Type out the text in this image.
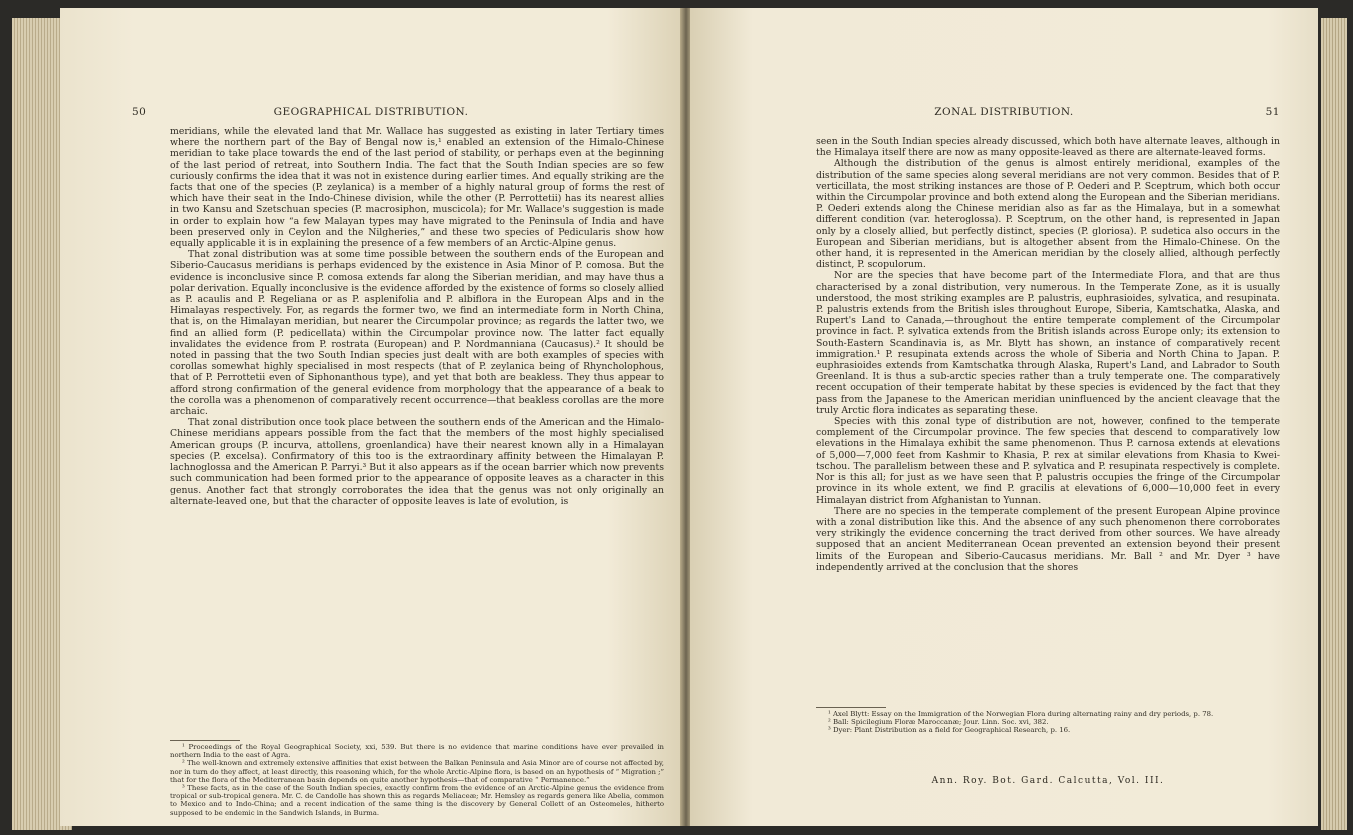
50	GEOGRAPHICAL DISTRIBUTION.

meridians, while the elevated land that Mr. Wallace has suggested as existing in later Tertiary times where the northern part of the Bay of Bengal now is,¹ enabled an extension of the Himalo-Chinese meridian to take place towards the end of the last period of stability, or perhaps even at the beginning of the last period of retreat, into Southern India. The fact that the South Indian species are so few curiously confirms the idea that it was not in existence during earlier times. And equally striking are the facts that one of the species (P. zeylanica) is a member of a highly natural group of forms the rest of which have their seat in the Indo-Chinese division, while the other (P. Perrottetii) has its nearest allies in two Kansu and Szetschuan species (P. macrosiphon, muscicola); for Mr. Wallace's suggestion is made in order to explain how “a few Malayan types may have migrated to the Peninsula of India and have been preserved only in Ceylon and the Nilgheries,” and these two species of Pedicularis show how equally applicable it is in explaining the presence of a few members of an Arctic-Alpine genus.

That zonal distribution was at some time possible between the southern ends of the European and Siberio-Caucasus meridians is perhaps evidenced by the existence in Asia Minor of P. comosa. But the evidence is inconclusive since P. comosa extends far along the Siberian meridian, and may have thus a polar derivation. Equally inconclusive is the evidence afforded by the existence of forms so closely allied as P. acaulis and P. Regeliana or as P. asplenifolia and P. albiflora in the European Alps and in the Himalayas respectively. For, as regards the former two, we find an intermediate form in North China, that is, on the Himalayan meridian, but nearer the Circumpolar province; as regards the latter two, we find an allied form (P. pedicellata) within the Circumpolar province now. The latter fact equally invalidates the evidence from P. rostrata (European) and P. Nordmanniana (Caucasus).² It should be noted in passing that the two South Indian species just dealt with are both examples of species with corollas somewhat highly specialised in most respects (that of P. zeylanica being of Rhyncholophous, that of P. Perrottetii even of Siphonanthous type), and yet that both are beakless. They thus appear to afford strong confirmation of the general evidence from morphology that the appearance of a beak to the corolla was a phenomenon of comparatively recent occurrence—that beakless corollas are the more archaic.

That zonal distribution once took place between the southern ends of the American and the Himalo-Chinese meridians appears possible from the fact that the members of the most highly specialised American groups (P. incurva, attollens, groenlandica) have their nearest known ally in a Himalayan species (P. excelsa). Confirmatory of this too is the extraordinary affinity between the Himalayan P. lachnoglossa and the American P. Parryi.³ But it also appears as if the ocean barrier which now prevents such communication had been formed prior to the appearance of opposite leaves as a character in this genus. Another fact that strongly corroborates the idea that the genus was not only originally an alternate-leaved one, but that the character of opposite leaves is late of evolution, is

¹ Proceedings of the Royal Geographical Society, xxi, 539. But there is no evidence that marine conditions have ever prevailed in northern India to the east of Agra.

² The well-known and extremely extensive affinities that exist between the Balkan Peninsula and Asia Minor are of course not affected by, nor in turn do they affect, at least directly, this reasoning which, for the whole Arctic-Alpine flora, is based on an hypothesis of “ Migration ;” that for the flora of the Mediterranean basin depends on quite another hypothesis—that of comparative “ Permanence.”

³ These facts, as in the case of the South Indian species, exactly confirm from the evidence of an Arctic-Alpine genus the evidence from tropical or sub-tropical genera. Mr. C. de Candolle has shown this as regards Meliaceæ; Mr. Hemsley as regards genera like Abelia, common to Mexico and to Indo-China; and a recent indication of the same thing is the discovery by General Collett of an Osteomeles, hitherto supposed to be endemic in the Sandwich Islands, in Burma.

51
ZONAL DISTRIBUTION.

seen in the South Indian species already discussed, which both have alternate leaves, although in the Himalaya itself there are now as many opposite-leaved as there are alternate-leaved forms.

Although the distribution of the genus is almost entirely meridional, examples of the distribution of the same species along several meridians are not very common. Besides that of P. verticillata, the most striking instances are those of P. Oederi and P. Sceptrum, which both occur within the Circumpolar province and both extend along the European and the Siberian meridians. P. Oederi extends along the Chinese meridian also as far as the Himalaya, but in a somewhat different condition (var. heteroglossa). P. Sceptrum, on the other hand, is represented in Japan only by a closely allied, but perfectly distinct, species (P. gloriosa). P. sudetica also occurs in the European and Siberian meridians, but is altogether absent from the Himalo-Chinese. On the other hand, it is represented in the American meridian by the closely allied, although perfectly distinct, P. scopulorum.

Nor are the species that have become part of the Intermediate Flora, and that are thus characterised by a zonal distribution, very numerous. In the Temperate Zone, as it is usually understood, the most striking examples are P. palustris, euphrasioides, sylvatica, and resupinata. P. palustris extends from the British isles throughout Europe, Siberia, Kamtschatka, Alaska, and Rupert's Land to Canada,—throughout the entire temperate complement of the Circumpolar province in fact. P. sylvatica extends from the British islands across Europe only; its extension to South-Eastern Scandinavia is, as Mr. Blytt has shown, an instance of comparatively recent immigration.¹ P. resupinata extends across the whole of Siberia and North China to Japan. P. euphrasioides extends from Kamtschatka through Alaska, Rupert's Land, and Labrador to South Greenland. It is thus a sub-arctic species rather than a truly temperate one. The comparatively recent occupation of their temperate habitat by these species is evidenced by the fact that they pass from the Japanese to the American meridian uninfluenced by the ancient cleavage that the truly Arctic flora indicates as separating these.

Species with this zonal type of distribution are not, however, confined to the temperate complement of the Circumpolar province. The few species that descend to comparatively low elevations in the Himalaya exhibit the same phenomenon. Thus P. carnosa extends at elevations of 5,000—7,000 feet from Kashmir to Khasia, P. rex at similar elevations from Khasia to Kwei-tschou. The parallelism between these and P. sylvatica and P. resupinata respectively is complete. Nor is this all; for just as we have seen that P. palustris occupies the fringe of the Circumpolar province in its whole extent, we find P. gracilis at elevations of 6,000—10,000 feet in every Himalayan district from Afghanistan to Yunnan.

There are no species in the temperate complement of the present European Alpine province with a zonal distribution like this. And the absence of any such phenomenon there corroborates very strikingly the evidence concerning the tract derived from other sources. We have already supposed that an ancient Mediterranean Ocean prevented an extension beyond their present limits of the European and Siberio-Caucasus meridians. Mr. Ball ² and Mr. Dyer ³ have independently arrived at the conclusion that the shores

¹ Axel Blytt: Essay on the Immigration of the Norwegian Flora during alternating rainy and dry periods, p. 78.

² Ball: Spicilegium Floræ Maroccanæ; Jour. Linn. Soc. xvi, 382.

³ Dyer: Plant Distribution as a field for Geographical Research, p. 16.

Ann. Roy. Bot. Gard. Calcutta, Vol. III.
